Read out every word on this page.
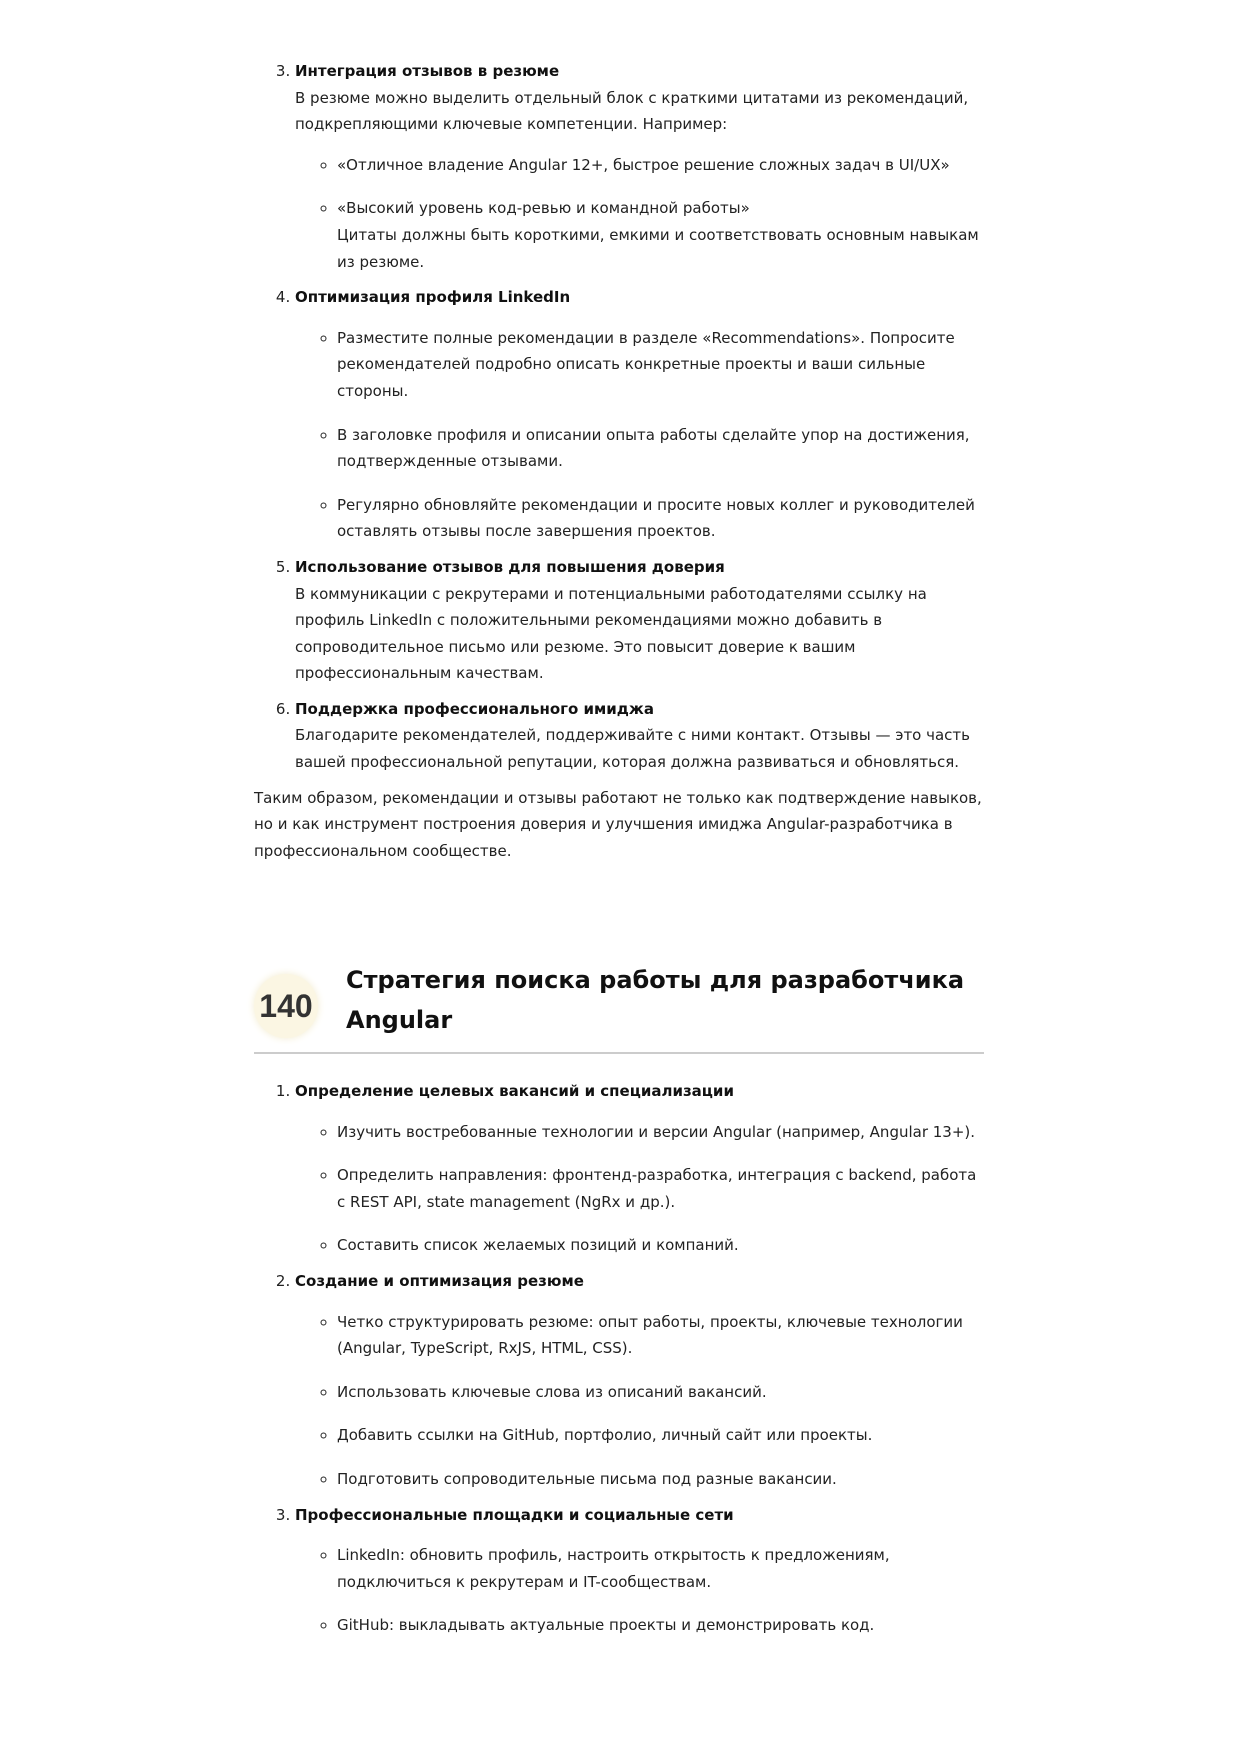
3. Интеграция отзывов в резюме
В резюме можно выделить отдельный блок с краткими цитатами из рекомендаций, подкрепляющими ключевые компетенции. Например:
◦ «Отличное владение Angular 12+, быстрое решение сложных задач в UI/UX»
◦ «Высокий уровень код-ревью и командной работы»
Цитаты должны быть короткими, емкими и соответствовать основным навыкам из резюме.
4. Оптимизация профиля LinkedIn
◦ Разместите полные рекомендации в разделе «Recommendations». Попросите рекомендателей подробно описать конкретные проекты и ваши сильные стороны.
◦ В заголовке профиля и описании опыта работы сделайте упор на достижения, подтвержденные отзывами.
◦ Регулярно обновляйте рекомендации и просите новых коллег и руководителей оставлять отзывы после завершения проектов.
5. Использование отзывов для повышения доверия
В коммуникации с рекрутерами и потенциальными работодателями ссылку на профиль LinkedIn с положительными рекомендациями можно добавить в сопроводительное письмо или резюме. Это повысит доверие к вашим профессиональным качествам.
6. Поддержка профессионального имиджа
Благодарите рекомендателей, поддерживайте с ними контакт. Отзывы — это часть вашей профессиональной репутации, которая должна развиваться и обновляться.

Таким образом, рекомендации и отзывы работают не только как подтверждение навыков, но и как инструмент построения доверия и улучшения имиджа Angular-разработчика в профессиональном сообществе.

140
Стратегия поиска работы для разработчика Angular
1. Определение целевых вакансий и специализации
◦ Изучить востребованные технологии и версии Angular (например, Angular 13+).
◦ Определить направления: фронтенд-разработка, интеграция с backend, работа с REST API, state management (NgRx и др.).
◦ Составить список желаемых позиций и компаний.
2. Создание и оптимизация резюме
◦ Четко структурировать резюме: опыт работы, проекты, ключевые технологии (Angular, TypeScript, RxJS, HTML, CSS).
◦ Использовать ключевые слова из описаний вакансий.
◦ Добавить ссылки на GitHub, портфолио, личный сайт или проекты.
◦ Подготовить сопроводительные письма под разные вакансии.
3. Профессиональные площадки и социальные сети
◦ LinkedIn: обновить профиль, настроить открытость к предложениям, подключиться к рекрутерам и IT-сообществам.
◦ GitHub: выкладывать актуальные проекты и демонстрировать код.
